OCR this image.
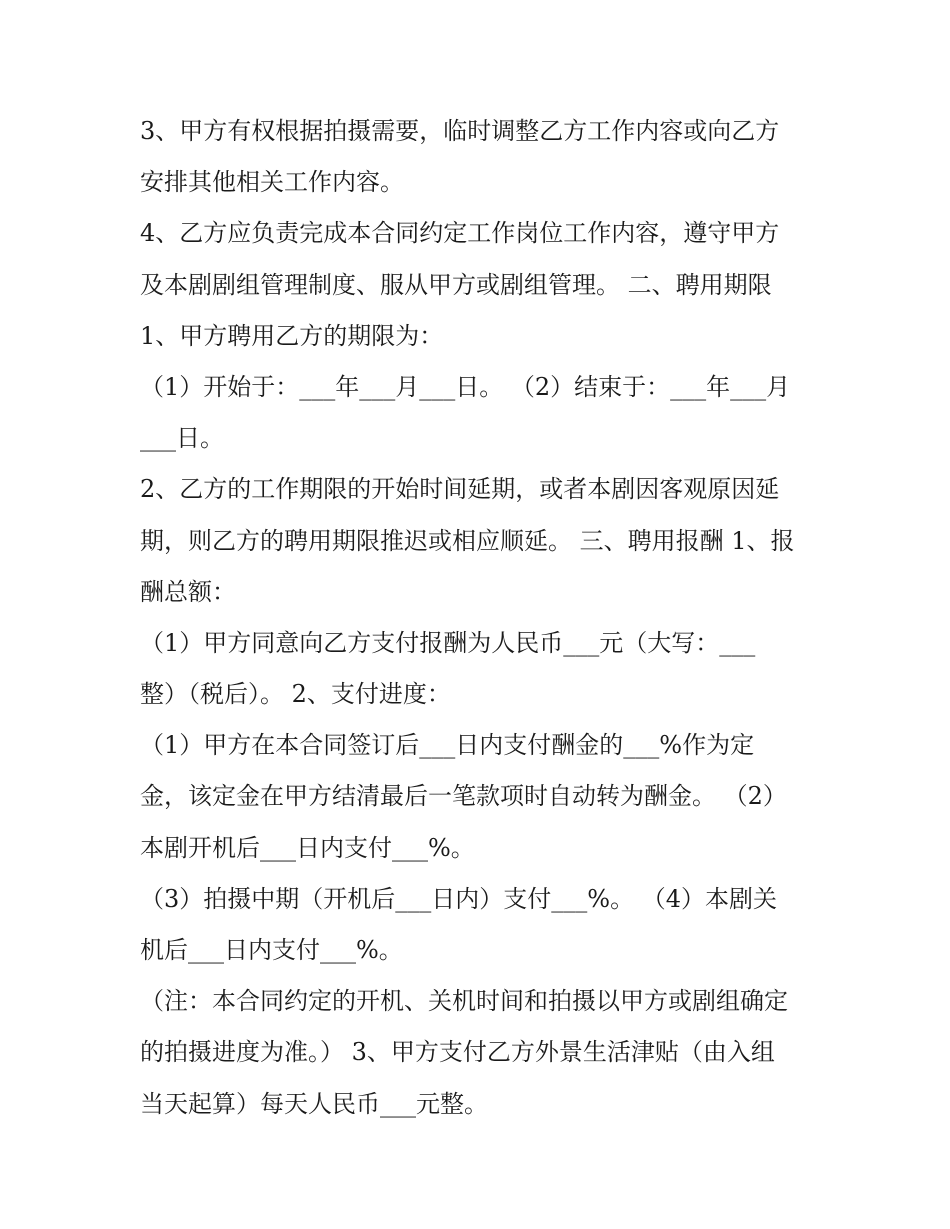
3、甲方有权根据拍摄需要，临时调整乙方工作内容或向乙方
安排其他相关工作内容。
4、乙方应负责完成本合同约定工作岗位工作内容，遵守甲方
及本剧剧组管理制度、服从甲方或剧组管理。 二、聘用期限
1、甲方聘用乙方的期限为：
（1）开始于：___年___月___日。 （2）结束于：___年___月
___日。
2、乙方的工作期限的开始时间延期，或者本剧因客观原因延
期，则乙方的聘用期限推迟或相应顺延。 三、聘用报酬 1、报
酬总额：
（1）甲方同意向乙方支付报酬为人民币___元（大写：___
整）（税后）。 2、支付进度：
（1）甲方在本合同签订后___日内支付酬金的___%作为定
金，该定金在甲方结清最后一笔款项时自动转为酬金。 （2）
本剧开机后___日内支付___%。
（3）拍摄中期（开机后___日内）支付___%。 （4）本剧关
机后___日内支付___%。
（注：本合同约定的开机、关机时间和拍摄以甲方或剧组确定
的拍摄进度为准。） 3、甲方支付乙方外景生活津贴（由入组
当天起算）每天人民币___元整。
